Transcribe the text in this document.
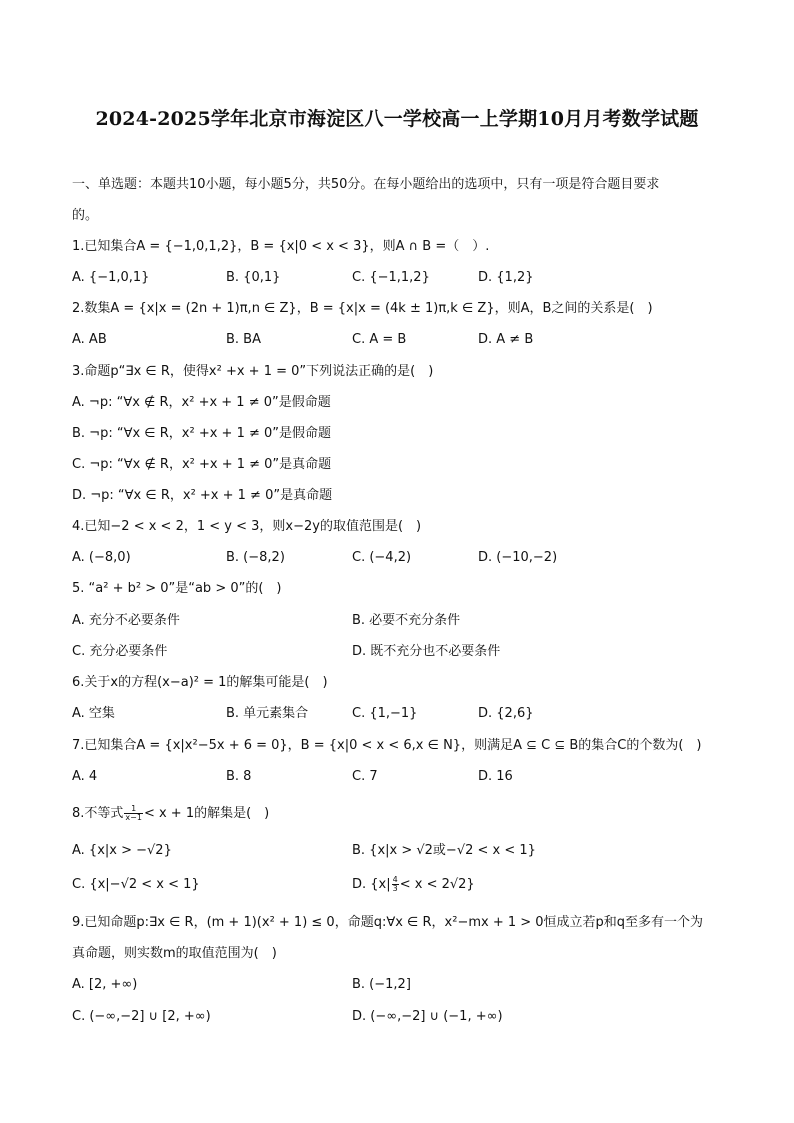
2024-2025学年北京市海淀区八一学校高一上学期10月月考数学试题
一、单选题：本题共10小题，每小题5分，共50分。在每小题给出的选项中，只有一项是符合题目要求
的。
1.已知集合A = {−1,0,1,2}，B = {x|0 < x < 3}，则A ∩ B =（　）.
A. {−1,0,1}	B. {0,1}	C. {−1,1,2}	D. {1,2}
2.数集A = {x|x = (2n + 1)π,n ∈ Z}，B = {x|x = (4k ± 1)π,k ∈ Z}，则A，B之间的关系是(　)
A. AB	B. BA	C. A = B	D. A ≠ B
3.命题p“∃x ∈ R，使得x² +x + 1 = 0”下列说法正确的是(　)
A. ¬p: “∀x ∉ R，x² +x + 1 ≠ 0”是假命题
B. ¬p: “∀x ∈ R，x² +x + 1 ≠ 0”是假命题
C. ¬p: “∀x ∉ R，x² +x + 1 ≠ 0”是真命题
D. ¬p: “∀x ∈ R，x² +x + 1 ≠ 0”是真命题
4.已知−2 < x < 2，1 < y < 3，则x−2y的取值范围是(　)
A. (−8,0)	B. (−8,2)	C. (−4,2)	D. (−10,−2)
5. “a² + b² > 0”是“ab > 0”的(　)
A. 充分不必要条件	B. 必要不充分条件
C. 充分必要条件	D. 既不充分也不必要条件
6.关于x的方程(x−a)² = 1的解集可能是(　)
A. 空集	B. 单元素集合	C. {1,−1}	D. {2,6}
7.已知集合A = {x|x²−5x + 6 = 0}，B = {x|0 < x < 6,x ∈ N}，则满足A ⊆ C ⊆ B的集合C的个数为(　)
A. 4	B. 8	C. 7	D. 16
8.不等式 $\frac{1}{x-1} < x + 1$的解集是(　)
A. {x|x > −√2}	B. {x|x > √2或−√2 < x < 1}
C. {x|−√2 < x < 1}	D. $\{x| \frac{4}{3} < x < 2√2\}$
9.已知命题p:∃x ∈ R，(m + 1)(x² + 1) ≤ 0，命题q:∀x ∈ R，x²−mx + 1 > 0恒成立若p和q至多有一个为
真命题，则实数m的取值范围为(　)
A. [2, +∞)	B. (−1,2]
C. (−∞,−2] ∪ [2, +∞)	D. (−∞,−2] ∪ (−1, +∞)
